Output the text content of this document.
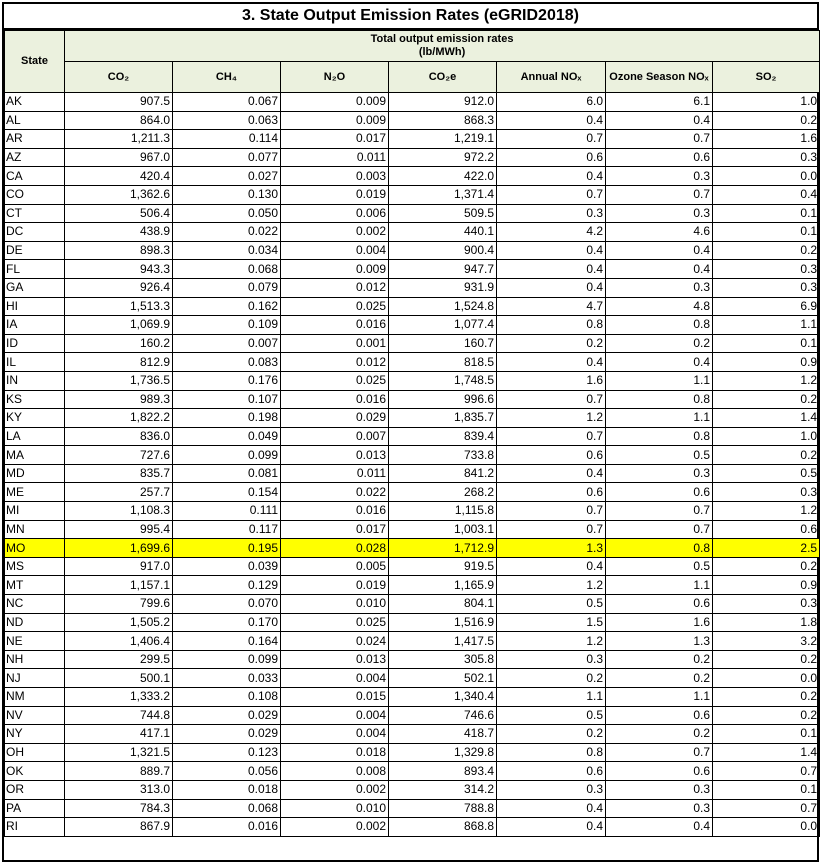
3. State Output Emission Rates (eGRID2018)
State	Total output emission rates
(lb/MWh)						

	CO₂	CH₄	N₂O	CO₂e	Annual NOₓ	Ozone Season NOₓ	SO₂
AK	907.5	0.067	0.009	912.0	6.0	6.1	1.0
AL	864.0	0.063	0.009	868.3	0.4	0.4	0.2
AR	1,211.3	0.114	0.017	1,219.1	0.7	0.7	1.6
AZ	967.0	0.077	0.011	972.2	0.6	0.6	0.3
CA	420.4	0.027	0.003	422.0	0.4	0.3	0.0
CO	1,362.6	0.130	0.019	1,371.4	0.7	0.7	0.4
CT	506.4	0.050	0.006	509.5	0.3	0.3	0.1
DC	438.9	0.022	0.002	440.1	4.2	4.6	0.1
DE	898.3	0.034	0.004	900.4	0.4	0.4	0.2
FL	943.3	0.068	0.009	947.7	0.4	0.4	0.3
GA	926.4	0.079	0.012	931.9	0.4	0.3	0.3
HI	1,513.3	0.162	0.025	1,524.8	4.7	4.8	6.9
IA	1,069.9	0.109	0.016	1,077.4	0.8	0.8	1.1
ID	160.2	0.007	0.001	160.7	0.2	0.2	0.1
IL	812.9	0.083	0.012	818.5	0.4	0.4	0.9
IN	1,736.5	0.176	0.025	1,748.5	1.6	1.1	1.2
KS	989.3	0.107	0.016	996.6	0.7	0.8	0.2
KY	1,822.2	0.198	0.029	1,835.7	1.2	1.1	1.4
LA	836.0	0.049	0.007	839.4	0.7	0.8	1.0
MA	727.6	0.099	0.013	733.8	0.6	0.5	0.2
MD	835.7	0.081	0.011	841.2	0.4	0.3	0.5
ME	257.7	0.154	0.022	268.2	0.6	0.6	0.3
MI	1,108.3	0.111	0.016	1,115.8	0.7	0.7	1.2
MN	995.4	0.117	0.017	1,003.1	0.7	0.7	0.6
MO	1,699.6	0.195	0.028	1,712.9	1.3	0.8	2.5
MS	917.0	0.039	0.005	919.5	0.4	0.5	0.2
MT	1,157.1	0.129	0.019	1,165.9	1.2	1.1	0.9
NC	799.6	0.070	0.010	804.1	0.5	0.6	0.3
ND	1,505.2	0.170	0.025	1,516.9	1.5	1.6	1.8
NE	1,406.4	0.164	0.024	1,417.5	1.2	1.3	3.2
NH	299.5	0.099	0.013	305.8	0.3	0.2	0.2
NJ	500.1	0.033	0.004	502.1	0.2	0.2	0.0
NM	1,333.2	0.108	0.015	1,340.4	1.1	1.1	0.2
NV	744.8	0.029	0.004	746.6	0.5	0.6	0.2
NY	417.1	0.029	0.004	418.7	0.2	0.2	0.1
OH	1,321.5	0.123	0.018	1,329.8	0.8	0.7	1.4
OK	889.7	0.056	0.008	893.4	0.6	0.6	0.7
OR	313.0	0.018	0.002	314.2	0.3	0.3	0.1
PA	784.3	0.068	0.010	788.8	0.4	0.3	0.7
RI	867.9	0.016	0.002	868.8	0.4	0.4	0.0
